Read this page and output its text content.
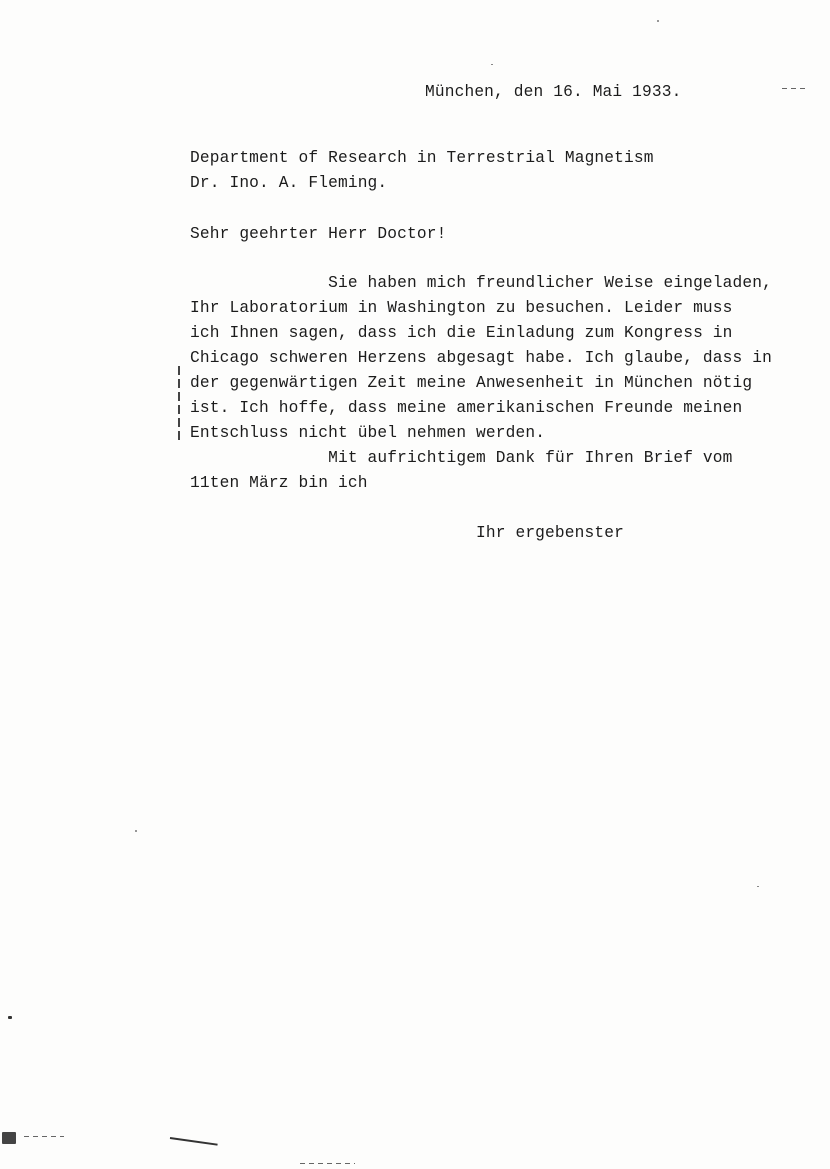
München, den 16. Mai 1933.
Department of Research in Terrestrial Magnetism
Dr. Ino. A. Fleming.
Sehr geehrter Herr Doctor!
Sie haben mich freundlicher Weise eingeladen,
Ihr Laboratorium in Washington zu besuchen. Leider muss
ich Ihnen sagen, dass ich die Einladung zum Kongress in
Chicago schweren Herzens abgesagt habe. Ich glaube, dass in
der gegenwärtigen Zeit meine Anwesenheit in München nötig
ist. Ich hoffe, dass meine amerikanischen Freunde meinen
Entschluss nicht übel nehmen werden.
Mit aufrichtigem Dank für Ihren Brief vom
11ten März bin ich
Ihr ergebenster
